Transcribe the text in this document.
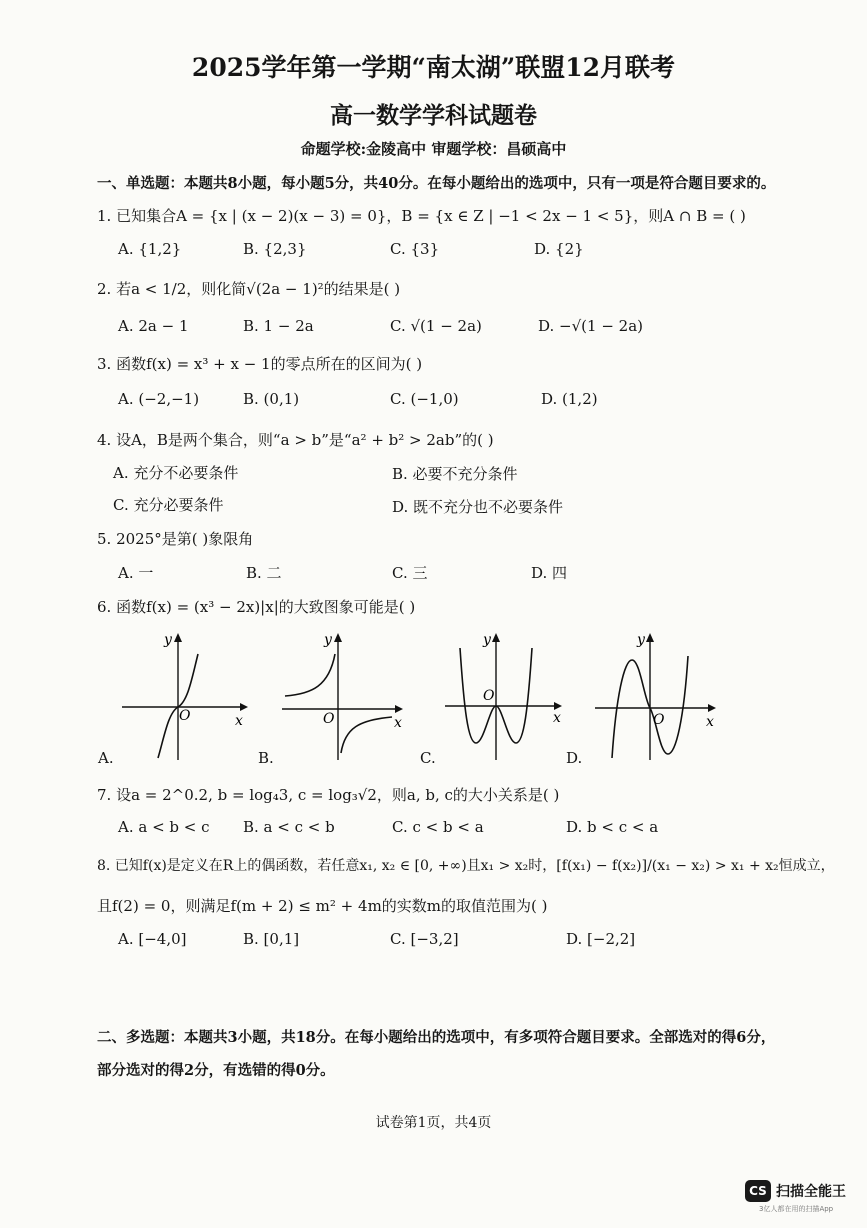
2025学年第一学期“南太湖”联盟12月联考
高一数学学科试题卷
命题学校:金陵高中 审题学校：昌硕高中
一、单选题：本题共8小题，每小题5分，共40分。在每小题给出的选项中，只有一项是符合题目要求的。
1. 已知集合A = {x | (x − 2)(x − 3) = 0}，B = {x ∈ Z | −1 < 2x − 1 < 5}，则A ∩ B = ( )
A. {1,2}	B. {2,3}	C. {3}	D. {2}
2. 若a < 1/2，则化简√(2a − 1)²的结果是( )
A. 2a − 1	B. 1 − 2a	C. √(1 − 2a)	D. −√(1 − 2a)
3. 函数f(x) = x³ + x − 1的零点所在的区间为( )
A. (−2,−1)	B. (0,1)	C. (−1,0)	D. (1,2)
4. 设A，B是两个集合，则“a > b”是“a² + b² > 2ab”的( )
A. 充分不必要条件	B. 必要不充分条件
C. 充分必要条件	D. 既不充分也不必要条件
5. 2025°是第( )象限角
A. 一	B. 二	C. 三	D. 四
6. 函数f(x) = (x³ − 2x)|x|的大致图象可能是( )
y
x
O
A.
y
x
O
B.
y
x
O
C.
y
x
O
D.
7. 设a = 2^0.2, b = log₄3, c = log₃√2，则a, b, c的大小关系是( )
A. a < b < c B. a < c < b	C. c < b < a	D. b < c < a
8. 已知f(x)是定义在R上的偶函数，若任意x₁, x₂ ∈ [0, +∞)且x₁ > x₂时，[f(x₁) − f(x₂)]/(x₁ − x₂) > x₁ + x₂恒成立，
且f(2) = 0，则满足f(m + 2) ≤ m² + 4m的实数m的取值范围为( )
A. [−4,0]	B. [0,1]	C. [−3,2]	D. [−2,2]
二、多选题：本题共3小题，共18分。在每小题给出的选项中，有多项符合题目要求。全部选对的得6分，部分选对的得2分，有选错的得0分。
试卷第1页，共4页
CS 扫描全能王
3亿人都在用的扫描App
